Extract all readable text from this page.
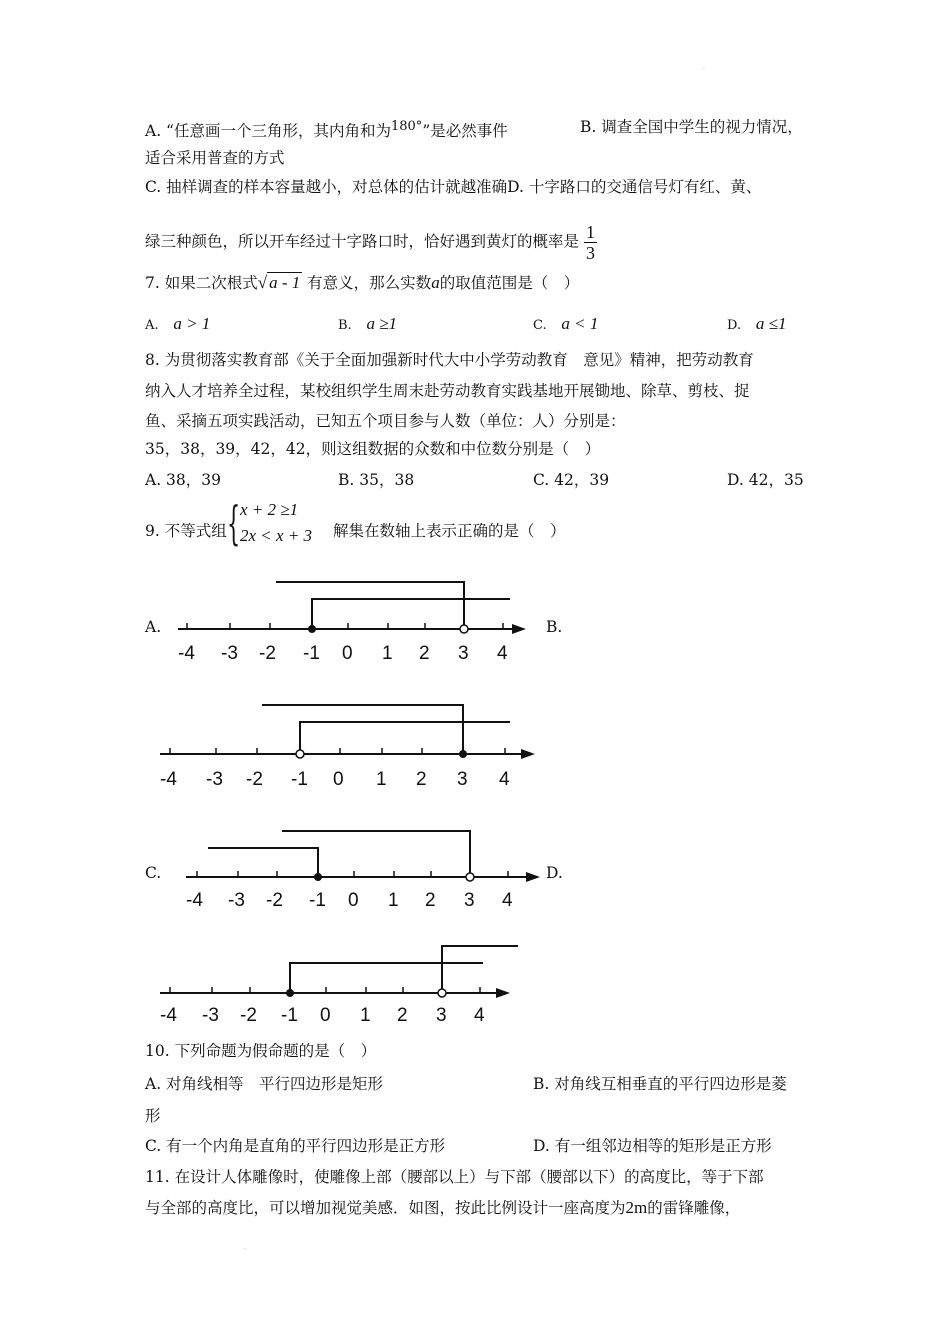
·
A. “任意画一个三角形，其内角和为$^{180^\circ}$”是必然事件	B. 调查全国中学生的视力情况，
适合采用普查的方式
C. 抽样调查的样本容量越小，对总体的估计就越准确D. 十字路口的交通信号灯有红、黄、
绿三种颜色，所以开车经过十字路口时，恰好遇到黄灯的概率是 $\frac{1}{3}$
7. 如果二次根式√ a - 1 有意义，那么实数a的取值范围是（　）
A. a > 1	B. a ≥1	C. a < 1	D. a ≤1
8. 为贯彻落实教育部《关于全面加强新时代大中小学劳动教育　意见》精神，把劳动教育
纳入人才培养全过程，某校组织学生周末赴劳动教育实践基地开展锄地、除草、剪枝、捉
鱼、采摘五项实践活动，已知五个项目参与人数（单位：人）分别是：
35，38，39，42，42，则这组数据的众数和中位数分别是（　）
A. 38，39	B. 35，38	C. 42，39	D. 42，35
9. 不等式组 { x + 2 ≥1
2x < x + 3 解集在数轴上表示正确的是（　）
A.	B.
C.	D.
-4 -3 -2 -1 0 1 2 3 4
-4 -3 -2 -1 0 1 2 3 4
-4 -3 -2 -1 0 1 2 3 4
-4 -3 -2 -1 0 1 2 3 4
10. 下列命题为假命题的是（　）
A. 对角线相等　平行四边形是矩形	B. 对角线互相垂直的平行四边形是菱
形
C. 有一个内角是直角的平行四边形是正方形	D. 有一组邻边相等的矩形是正方形
11. 在设计人体雕像时，使雕像上部（腰部以上）与下部（腰部以下）的高度比，等于下部
与全部的高度比，可以增加视觉美感．如图，按此比例设计一座高度为2m的雷锋雕像，
·
